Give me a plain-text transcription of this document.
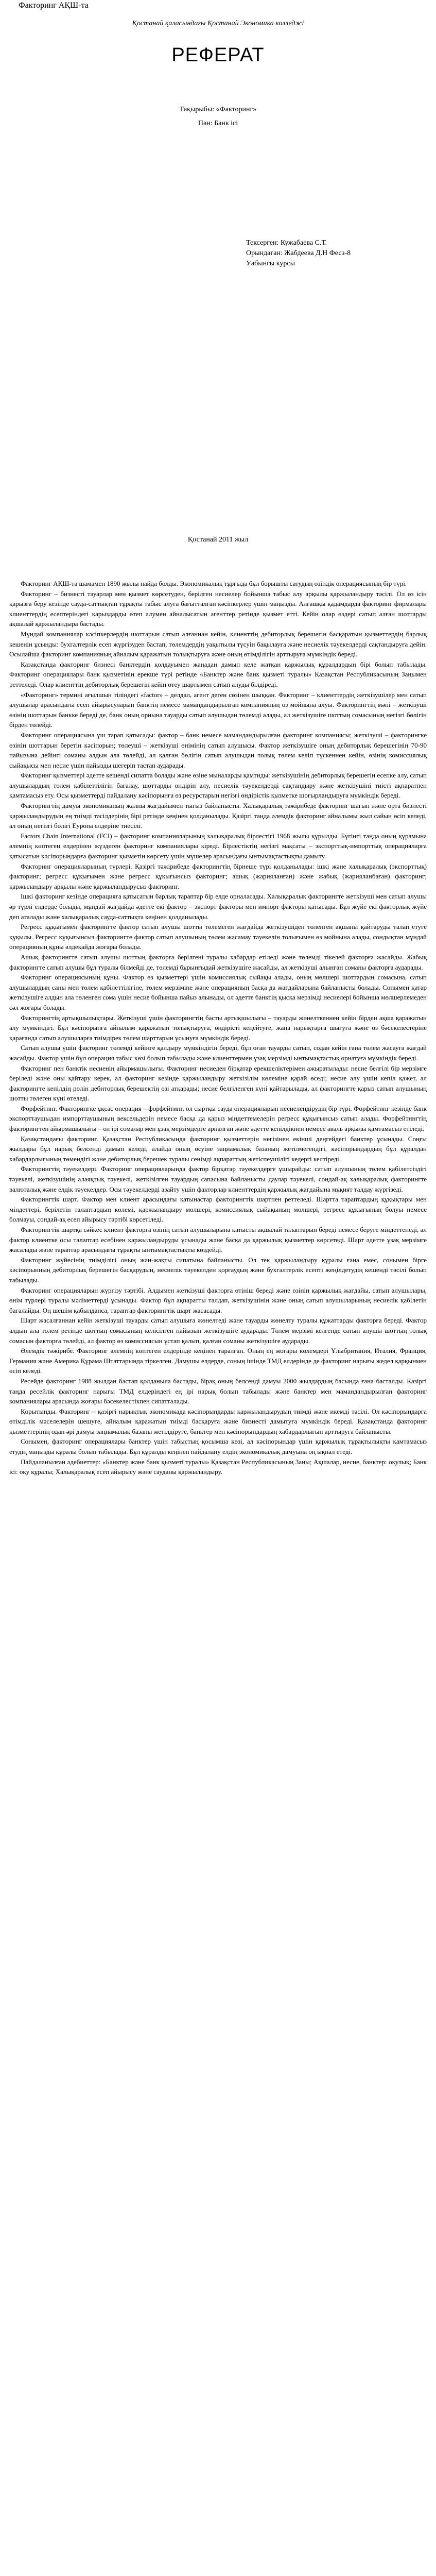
Факторинг АҚШ-та
Қостанай қаласындағы Қостанай Экономика колледжі
РЕФЕРАТ
Тақырыбы: «Факторинг»
Пән: Банк іcі
Тексерген: Кужабаева С.Т.
Орындаған: Жабдеева Д.Н Фесз-8
Уабынгы курсы
Қостанай 2011 жыл

Факторинг АҚШ-та шамамен 1890 жылы пайда болды. Экономикалық тұрғыда бұл борышты сатудың өзіндік операциясының бір түрі.

Факторинг – бизнесті тауарлар мен қызмет көрсетуден, берілген несиелер бойынша табыс алу арқылы қаржыландыру тәсілі. Ол өз ісін қарызға беру кезінде сауда-саттықтан тұрақты табыс алуға бағытталған кәсіпкерлер үшін маңызды. Алғашқы қадамдарда факторинг фирмалары клиенттердің есептеріндегі қарыздарды өтеп алумен айналысатын агенттер ретінде қызмет етті. Кейін олар өздері сатып алған шоттарды ақшалай қаржыландыра бастады.

Мұндай компаниялар кәсіпкерлердің шоттарын сатып алғаннан кейін, клиенттің дебиторлық берешегін басқаратын қызметтердің барлық кешенін ұсынды: бухгалтерлік есеп жүргізуден бастап, төлемдердің уақытылы түсуін бақылауға және несиелік тәуекелдерді сақтандыруға дейін. Осылайша факторинг компанияның айналым қаражатын толықтыруға және оның өтімділігін арттыруға мүмкіндік береді.

Қазақстанда факторинг бизнесі банктердің қолдауымен жаңадан дамып келе жатқан қаржылық құралдардың бірі болып табылады. Факторинг операциялары банк қызметінің ерекше түрі ретінде «Банктер және банк қызметі туралы» Қазақстан Республикасының Заңымен реттеледі. Олар клиенттің дебиторлық берешегін кейін өтеу шартымен сатып алуды білдіреді.

«Факторинг» термині ағылшын тіліндегі «factor» – делдал, агент деген сөзінен шыққан. Факторинг – клиенттердің жеткізушілер мен сатып алушылар арасындағы есеп айырысуларын банктің немесе мамандандырылған компанияның өз мойнына алуы. Факторингтің мәні – жеткізуші өзінің шоттарын банкке береді де, банк оның орнына тауарды сатып алушыдан төлемді алады, ал жеткізушіге шоттың сомасының негізгі бөлігін бірден төлейді.

Факторинг операциясына үш тарап қатысады: фактор – банк немесе мамандандырылған факторинг компаниясы; жеткізуші – факторингке өзінің шоттарын беретін кәсіпорын; төлеуші – жеткізуші өнімінің сатып алушысы. Фактор жеткізушіге оның дебиторлық берешегінің 70-90 пайызына дейінгі соманы алдын ала төлейді, ал қалған бөлігін сатып алушыдан толық төлем келіп түскеннен кейін, өзінің комиссиялық сыйақысы мен несие үшін пайызды шегеріп тастап аударады.

Факторинг қызметтері әдетте кешенді сипатта болады және өзіне мыналарды қамтиды: жеткізушінің дебиторлық берешегін есепке алу, сатып алушылардың төлем қабілеттілігін бағалау, шоттарды өндіріп алу, несиелік тәуекелдерді сақтандыру және жеткізушіні тиісті ақпаратпен қамтамасыз ету. Осы қызметтерді пайдалану кәсіпорынға өз ресурстарын негізгі өндірістік қызметке шоғырландыруға мүмкіндік береді.

Факторингтің дамуы экономиканың жалпы жағдайымен тығыз байланысты. Халықаралық тәжірибеде факторинг шағын және орта бизнесті қаржыландырудың ең тиімді тәсілдерінің бірі ретінде кеңінен қолданылады. Қазіргі таңда әлемдік факторинг айналымы жыл сайын өсіп келеді, ал оның негізгі бөлігі Еуропа елдеріне тиесілі.

Factors Chain International (FCI) – факторинг компанияларының халықаралық бірлестігі 1968 жылы құрылды. Бүгінгі таңда оның құрамына әлемнің көптеген елдерінен жүздеген факторинг компаниялары кіреді. Бірлестіктің негізгі мақсаты – экспорттық-импорттық операцияларға қатысатын кәсіпорындарға факторинг қызметін көрсету үшін мүшелер арасындағы ынтымақтастықты дамыту.

Факторинг операцияларының түрлері. Қазіргі тәжірибеде факторингтің бірнеше түрі қолданылады: ішкі және халықаралық (экспорттық) факторинг; регресс құқығымен және регресс құқығынсыз факторинг; ашық (жарияланған) және жабық (жарияланбаған) факторинг; қаржыландыру арқылы және қаржыландырусыз факторинг.

Ішкі факторинг кезінде операцияға қатысатын барлық тараптар бір елде орналасады. Халықаралық факторингте жеткізуші мен сатып алушы әр түрлі елдерде болады, мұндай жағдайда әдетте екі фактор – экспорт факторы мен импорт факторы қатысады. Бұл жүйе екі факторлық жүйе деп аталады және халықаралық сауда-саттықта кеңінен қолданылады.

Регресс құқығымен факторингте фактор сатып алушы шотты төлемеген жағдайда жеткізушіден төленген ақшаны қайтаруды талап етуге құқылы. Регресс құқығынсыз факторингте фактор сатып алушының төлем жасамау тәуекелін толығымен өз мойнына алады, сондықтан мұндай операцияның құны әлдеқайда жоғары болады.

Ашық факторингте сатып алушы шоттың факторға берілгені туралы хабардар етіледі және төлемді тікелей факторға жасайды. Жабық факторингте сатып алушы бұл туралы білмейді де, төлемді бұрынғыдай жеткізушіге жасайды, ал жеткізуші алынған соманы факторға аударады.

Факторинг операциясының құны. Фактор өз қызметтері үшін комиссиялық сыйақы алады, оның мөлшері шоттардың сомасына, сатып алушылардың саны мен төлем қабілеттілігіне, төлем мерзіміне және операцияның басқа да жағдайларына байланысты болады. Сонымен қатар жеткізушіге алдын ала төленген сома үшін несие бойынша пайыз алынады, ол әдетте банктің қысқа мерзімді несиелері бойынша мөлшерлемеден сәл жоғары болады.

Факторингтің артықшылықтары. Жеткізуші үшін факторингтің басты артықшылығы – тауарды жөнелткеннен кейін бірден ақша қаражатын алу мүмкіндігі. Бұл кәсіпорынға айналым қаражатын толықтыруға, өндірісті кеңейтуге, жаңа нарықтарға шығуға және өз бәсекелестеріне қарағанда сатып алушыларға тиімдірек төлем шарттарын ұсынуға мүмкіндік береді.

Сатып алушы үшін факторинг төлемді кейінге қалдыру мүмкіндігін береді, бұл оған тауарды сатып, содан кейін ғана төлем жасауға жағдай жасайды. Фактор үшін бұл операция табыс көзі болып табылады және клиенттермен ұзақ мерзімді ынтымақтастық орнатуға мүмкіндік береді.

Факторинг пен банктік несиенің айырмашылығы. Факторинг несиеден бірқатар ерекшеліктерімен ажыратылады: несие белгілі бір мерзімге беріледі және оны қайтару керек, ал факторинг кезінде қаржыландыру жеткізілім көлеміне қарай өседі; несие алу үшін кепіл қажет, ал факторингте кепілдің рөлін дебиторлық берешектің өзі атқарады; несие белгіленген күні қайтарылады, ал факторингте қарыз сатып алушының шотты төлеген күні өтеледі.

Форфейтинг. Факторингке ұқсас операция – форфейтинг, ол сыртқы сауда операцияларын несиелендірудің бір түрі. Форфейтинг кезінде банк экспорттаушыдан импорттаушының вексельдерін немесе басқа да қарыз міндеттемелерін регресс құқығынсыз сатып алады. Форфейтингтің факторингтен айырмашылығы – ол ірі сомалар мен ұзақ мерзімдерге арналған және әдетте кепілдікпен немесе аваль арқылы қамтамасыз етіледі.

Қазақстандағы факторинг. Қазақстан Республикасында факторинг қызметтерін негізінен екінші деңгейдегі банктер ұсынады. Соңғы жылдары бұл нарық белсенді дамып келеді, алайда оның өсуіне заңнамалық базаның жетілмегендігі, кәсіпорындардың бұл құралдан хабардарлығының төмендігі және дебиторлық берешек туралы сенімді ақпараттың жетіспеушілігі кедергі келтіреді.

Факторингтің тәуекелдері. Факторинг операцияларында фактор бірқатар тәуекелдерге ұшырайды: сатып алушының төлем қабілетсіздігі тәуекелі, жеткізушінің алаяқтық тәуекелі, жеткізілген тауардың сапасына байланысты даулар тәуекелі, сондай-ақ халықаралық факторингте валюталық және елдік тәуекелдер. Осы тәуекелдерді азайту үшін факторлар клиенттердің қаржылық жағдайына мұқият талдау жүргізеді.

Факторингтік шарт. Фактор мен клиент арасындағы қатынастар факторингтік шартпен реттеледі. Шартта тараптардың құқықтары мен міндеттері, берілетін талаптардың көлемі, қаржыландыру мөлшері, комиссиялық сыйақының мөлшері, регресс құқығының болуы немесе болмауы, сондай-ақ есеп айырысу тәртібі көрсетіледі.

Факторингтік шартқа сәйкес клиент факторға өзінің сатып алушыларына қатысты ақшалай талаптарын береді немесе беруге міндеттенеді, ал фактор клиентке осы талаптар есебінен қаржыландыруды ұсынады және басқа да қаржылық қызметтер көрсетеді. Шарт әдетте ұзақ мерзімге жасалады және тараптар арасындағы тұрақты ынтымақтастықты көздейді.

Факторинг жүйесінің тиімділігі оның жан-жақты сипатына байланысты. Ол тек қаржыландыру құралы ғана емес, сонымен бірге кәсіпорынның дебиторлық берешегін басқарудың, несиелік тәуекелден қорғаудың және бухгалтерлік есепті жеңілдетудің кешенді тәсілі болып табылады.

Факторинг операцияларын жүргізу тәртібі. Алдымен жеткізуші факторға өтініш береді және өзінің қаржылық жағдайы, сатып алушылары, өнім түрлері туралы мәліметтерді ұсынады. Фактор бұл ақпаратты талдап, жеткізушінің және оның сатып алушыларының несиелік қабілетін бағалайды. Оң шешім қабылданса, тараптар факторингтік шарт жасасады.

Шарт жасалғаннан кейін жеткізуші тауарды сатып алушыға жөнелтеді және тауарды жөнелту туралы құжаттарды факторға береді. Фактор алдын ала төлем ретінде шоттың сомасының келісілген пайызын жеткізушіге аударады. Төлем мерзімі келгенде сатып алушы шоттың толық сомасын факторға төлейді, ал фактор өз комиссиясын ұстап қалып, қалған соманы жеткізушіге аударады.

Әлемдік тәжірибе. Факторинг әлемнің көптеген елдерінде кеңінен таралған. Оның ең жоғары көлемдері Ұлыбритания, Италия, Франция, Германия және Америка Құрама Штаттарында тіркелген. Дамушы елдерде, соның ішінде ТМД елдерінде де факторинг нарығы жедел қарқынмен өсіп келеді.

Ресейде факторинг 1988 жылдан бастап қолданыла бастады, бірақ оның белсенді дамуы 2000 жылдардың басында ғана басталды. Қазіргі таңда ресейлік факторинг нарығы ТМД елдеріндегі ең ірі нарық болып табылады және банктер мен мамандандырылған факторинг компаниялары арасында жоғары бәсекелестікпен сипатталады.

Қорытынды. Факторинг – қазіргі нарықтық экономикада кәсіпорындарды қаржыландырудың тиімді және икемді тәсілі. Ол кәсіпорындарға өтімділік мәселелерін шешуге, айналым қаражатын тиімді басқаруға және бизнесті дамытуға мүмкіндік береді. Қазақстанда факторинг қызметтерінің одан әрі дамуы заңнамалық базаны жетілдіруге, банктер мен кәсіпорындардың хабардарлығын арттыруға байланысты.

Сонымен, факторинг операциялары банктер үшін табыстың қосымша көзі, ал кәсіпорындар үшін қаржылық тұрақтылықты қамтамасыз етудің маңызды құралы болып табылады. Бұл құралды кеңінен пайдалану елдің экономикалық дамуына оң ықпал етеді.

Пайдаланылған әдебиеттер: «Банктер және банк қызметі туралы» Қазақстан Республикасының Заңы; Ақшалар, несие, банктер: оқулық; Банк ісі: оқу құралы; Халықаралық есеп айырысу және сауданы қаржыландыру.
